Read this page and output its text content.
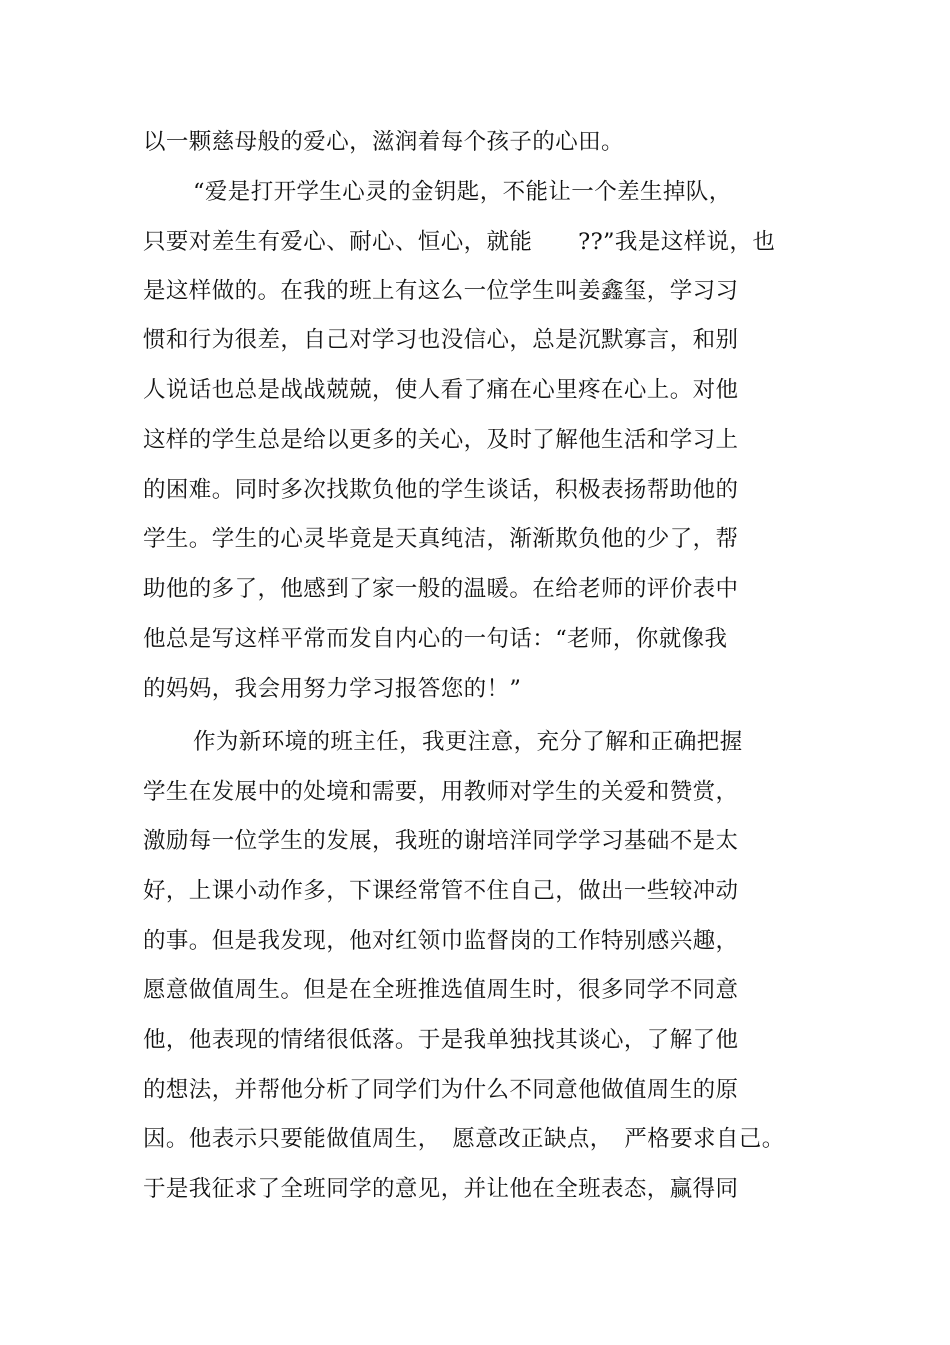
以一颗慈母般的爱心，滋润着每个孩子的心田。
“爱是打开学生心灵的金钥匙，不能让一个差生掉队，
只要对差生有爱心、耐心、恒心，就能　　??”我是这样说，也
是这样做的。在我的班上有这么一位学生叫姜鑫玺，学习习
惯和行为很差，自己对学习也没信心，总是沉默寡言，和别
人说话也总是战战兢兢，使人看了痛在心里疼在心上。对他
这样的学生总是给以更多的关心，及时了解他生活和学习上
的困难。同时多次找欺负他的学生谈话，积极表扬帮助他的
学生。学生的心灵毕竟是天真纯洁，渐渐欺负他的少了，帮
助他的多了，他感到了家一般的温暖。在给老师的评价表中
他总是写这样平常而发自内心的一句话：“老师，你就像我
的妈妈，我会用努力学习报答您的！”
作为新环境的班主任，我更注意，充分了解和正确把握
学生在发展中的处境和需要，用教师对学生的关爱和赞赏，
激励每一位学生的发展，我班的谢培洋同学学习基础不是太
好，上课小动作多，下课经常管不住自己，做出一些较冲动
的事。但是我发现，他对红领巾监督岗的工作特别感兴趣，
愿意做值周生。但是在全班推选值周生时，很多同学不同意
他，他表现的情绪很低落。于是我单独找其谈心，了解了他
的想法，并帮他分析了同学们为什么不同意他做值周生的原
因。他表示只要能做值周生，　愿意改正缺点，　严格要求自己。
于是我征求了全班同学的意见，并让他在全班表态，赢得同
